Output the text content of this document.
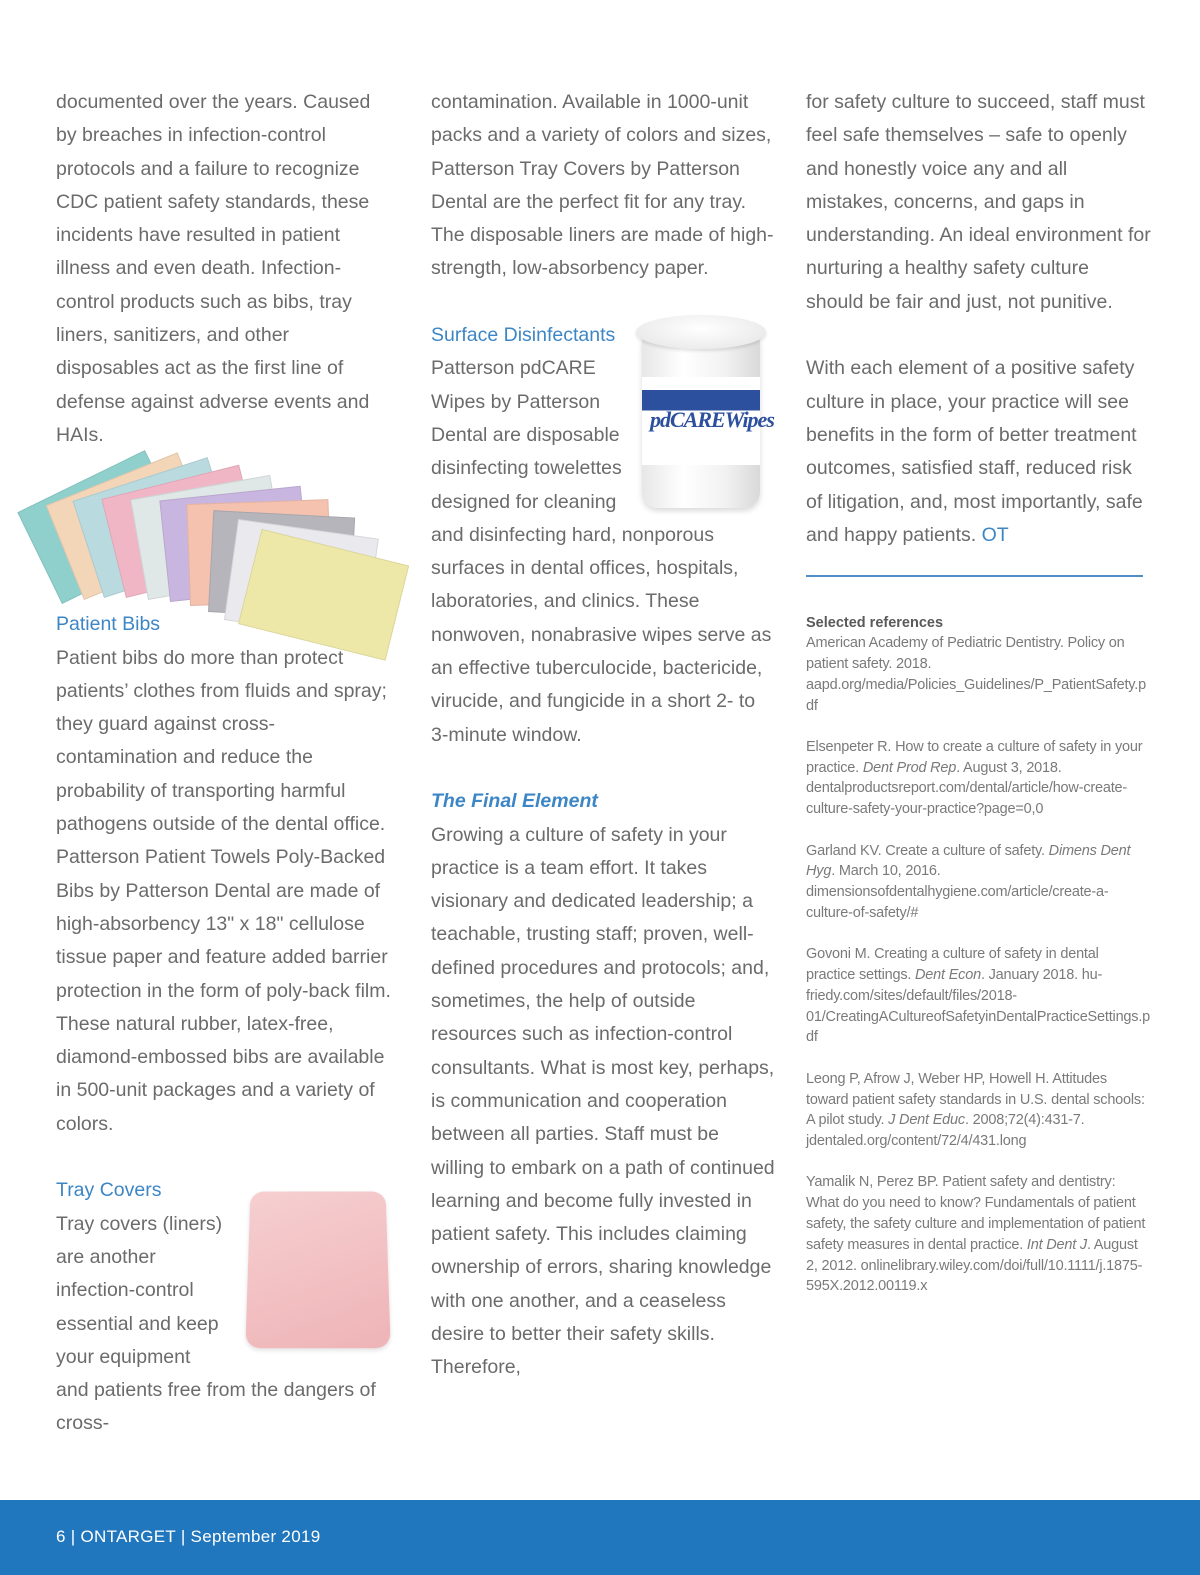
documented over the years. Caused by breaches in infection-control protocols and a failure to recognize CDC patient safety standards, these incidents have resulted in patient illness and even death. Infection-control products such as bibs, tray liners, sanitizers, and other disposables act as the first line of defense against adverse events and HAIs.

Patient Bibs

Patient bibs do more than protect patients’ clothes from fluids and spray; they guard against cross-contamination and reduce the probability of transporting harmful pathogens outside of the dental office. Patterson Patient Towels Poly-Backed Bibs by Patterson Dental are made of high-absorbency 13" x 18" cellulose tissue paper and feature added barrier protection in the form of poly-back film. These natural rubber, latex-free, diamond-embossed bibs are available in 500-unit packages and a variety of colors.

Tray Covers

Tray covers (liners) are another infection-control essential and keep your equipment and patients free from the dangers of cross-

contamination. Available in 1000-unit packs and a variety of colors and sizes, Patterson Tray Covers by Patterson Dental are the perfect fit for any tray. The disposable liners are made of high-strength, low-absorbency paper.

pdCAREWipes

Surface Disinfectants

Patterson pdCARE Wipes by Patterson Dental are disposable disinfecting towelettes designed for cleaning and disinfecting hard, nonporous surfaces in dental offices, hospitals, laboratories, and clinics. These nonwoven, nonabrasive wipes serve as an effective tuberculocide, bactericide, virucide, and fungicide in a short 2- to 3-minute window.

The Final Element

Growing a culture of safety in your practice is a team effort. It takes visionary and dedicated leadership; a teachable, trusting staff; proven, well-defined procedures and protocols; and, sometimes, the help of outside resources such as infection-control consultants. What is most key, perhaps, is communication and cooperation between all parties. Staff must be willing to embark on a path of continued learning and become fully invested in patient safety. This includes claiming ownership of errors, sharing knowledge with one another, and a ceaseless desire to better their safety skills. Therefore,

for safety culture to succeed, staff must feel safe themselves – safe to openly and honestly voice any and all mistakes, concerns, and gaps in understanding. An ideal environment for nurturing a healthy safety culture should be fair and just, not punitive.

With each element of a positive safety culture in place, your practice will see benefits in the form of better treatment outcomes, satisfied staff, reduced risk of litigation, and, most importantly, safe and happy patients. OT

Selected references

American Academy of Pediatric Dentistry. Policy on patient safety. 2018. aapd.org/media/Policies_Guidelines/P_PatientSafety.pdf

Elsenpeter R. How to create a culture of safety in your practice. Dent Prod Rep. August 3, 2018. dentalproductsreport.com/dental/article/how-create-culture-safety-your-practice?page=0,0

Garland KV. Create a culture of safety. Dimens Dent Hyg. March 10, 2016. dimensionsofdentalhygiene.com/article/create-a-culture-of-safety/#

Govoni M. Creating a culture of safety in dental practice settings. Dent Econ. January 2018. hu-friedy.com/sites/default/files/2018-01/CreatingACultureofSafetyinDentalPracticeSettings.pdf

Leong P, Afrow J, Weber HP, Howell H. Attitudes toward patient safety standards in U.S. dental schools: A pilot study. J Dent Educ. 2008;72(4):431-7. jdentaled.org/content/72/4/431.long

Yamalik N, Perez BP. Patient safety and dentistry: What do you need to know? Fundamentals of patient safety, the safety culture and implementation of patient safety measures in dental practice. Int Dent J. August 2, 2012. onlinelibrary.wiley.com/doi/full/10.1111/j.1875-595X.2012.00119.x

6 | ONTARGET | September 2019
